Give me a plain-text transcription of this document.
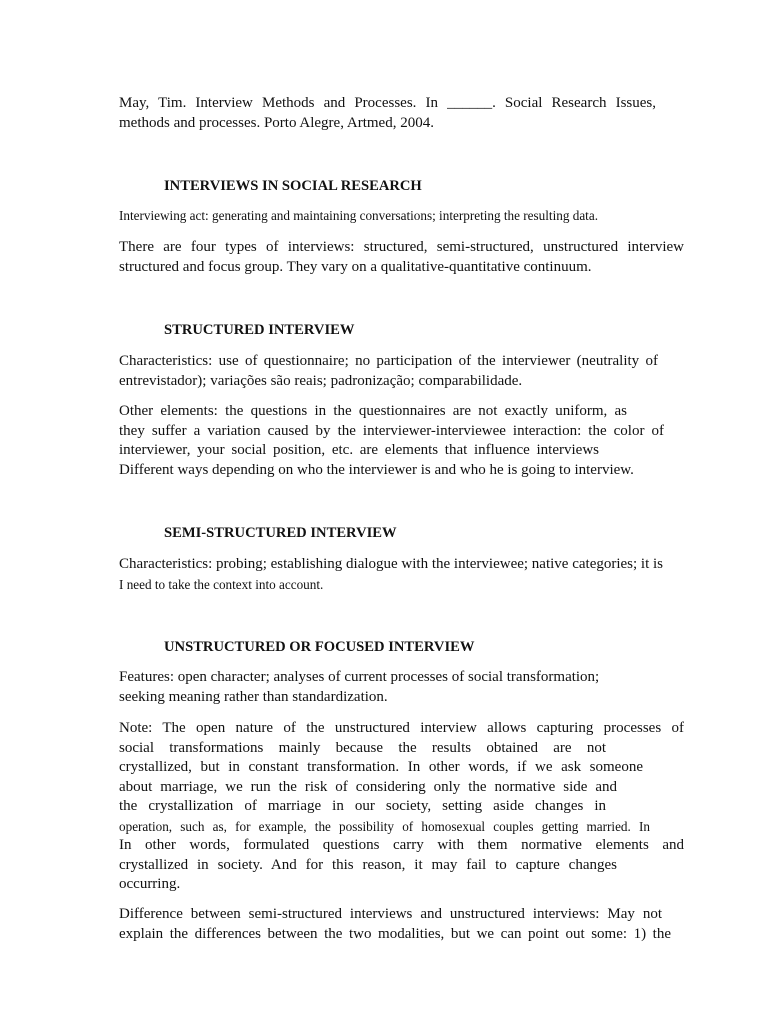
May, Tim. Interview Methods and Processes. In ______. Social Research Issues,
methods and processes. Porto Alegre, Artmed, 2004.
INTERVIEWS IN SOCIAL RESEARCH
Interviewing act: generating and maintaining conversations; interpreting the resulting data.
There are four types of interviews: structured, semi-structured, unstructured interview
structured and focus group. They vary on a qualitative-quantitative continuum.
STRUCTURED INTERVIEW
Characteristics: use of questionnaire; no participation of the interviewer (neutrality of
entrevistador); variações são reais; padronização; comparabilidade.
Other elements: the questions in the questionnaires are not exactly uniform, as
they suffer a variation caused by the interviewer-interviewee interaction: the color of
interviewer, your social position, etc. are elements that influence interviews
Different ways depending on who the interviewer is and who he is going to interview.
SEMI-STRUCTURED INTERVIEW
Characteristics: probing; establishing dialogue with the interviewee; native categories; it is
I need to take the context into account.
UNSTRUCTURED OR FOCUSED INTERVIEW
Features: open character; analyses of current processes of social transformation;
seeking meaning rather than standardization.
Note: The open nature of the unstructured interview allows capturing processes of
social transformations mainly because the results obtained are not
crystallized, but in constant transformation. In other words, if we ask someone
about marriage, we run the risk of considering only the normative side and
the crystallization of marriage in our society, setting aside changes in
operation, such as, for example, the possibility of homosexual couples getting married. In
In other words, formulated questions carry with them normative elements and
crystallized in society. And for this reason, it may fail to capture changes
occurring.
Difference between semi-structured interviews and unstructured interviews: May not
explain the differences between the two modalities, but we can point out some: 1) the
